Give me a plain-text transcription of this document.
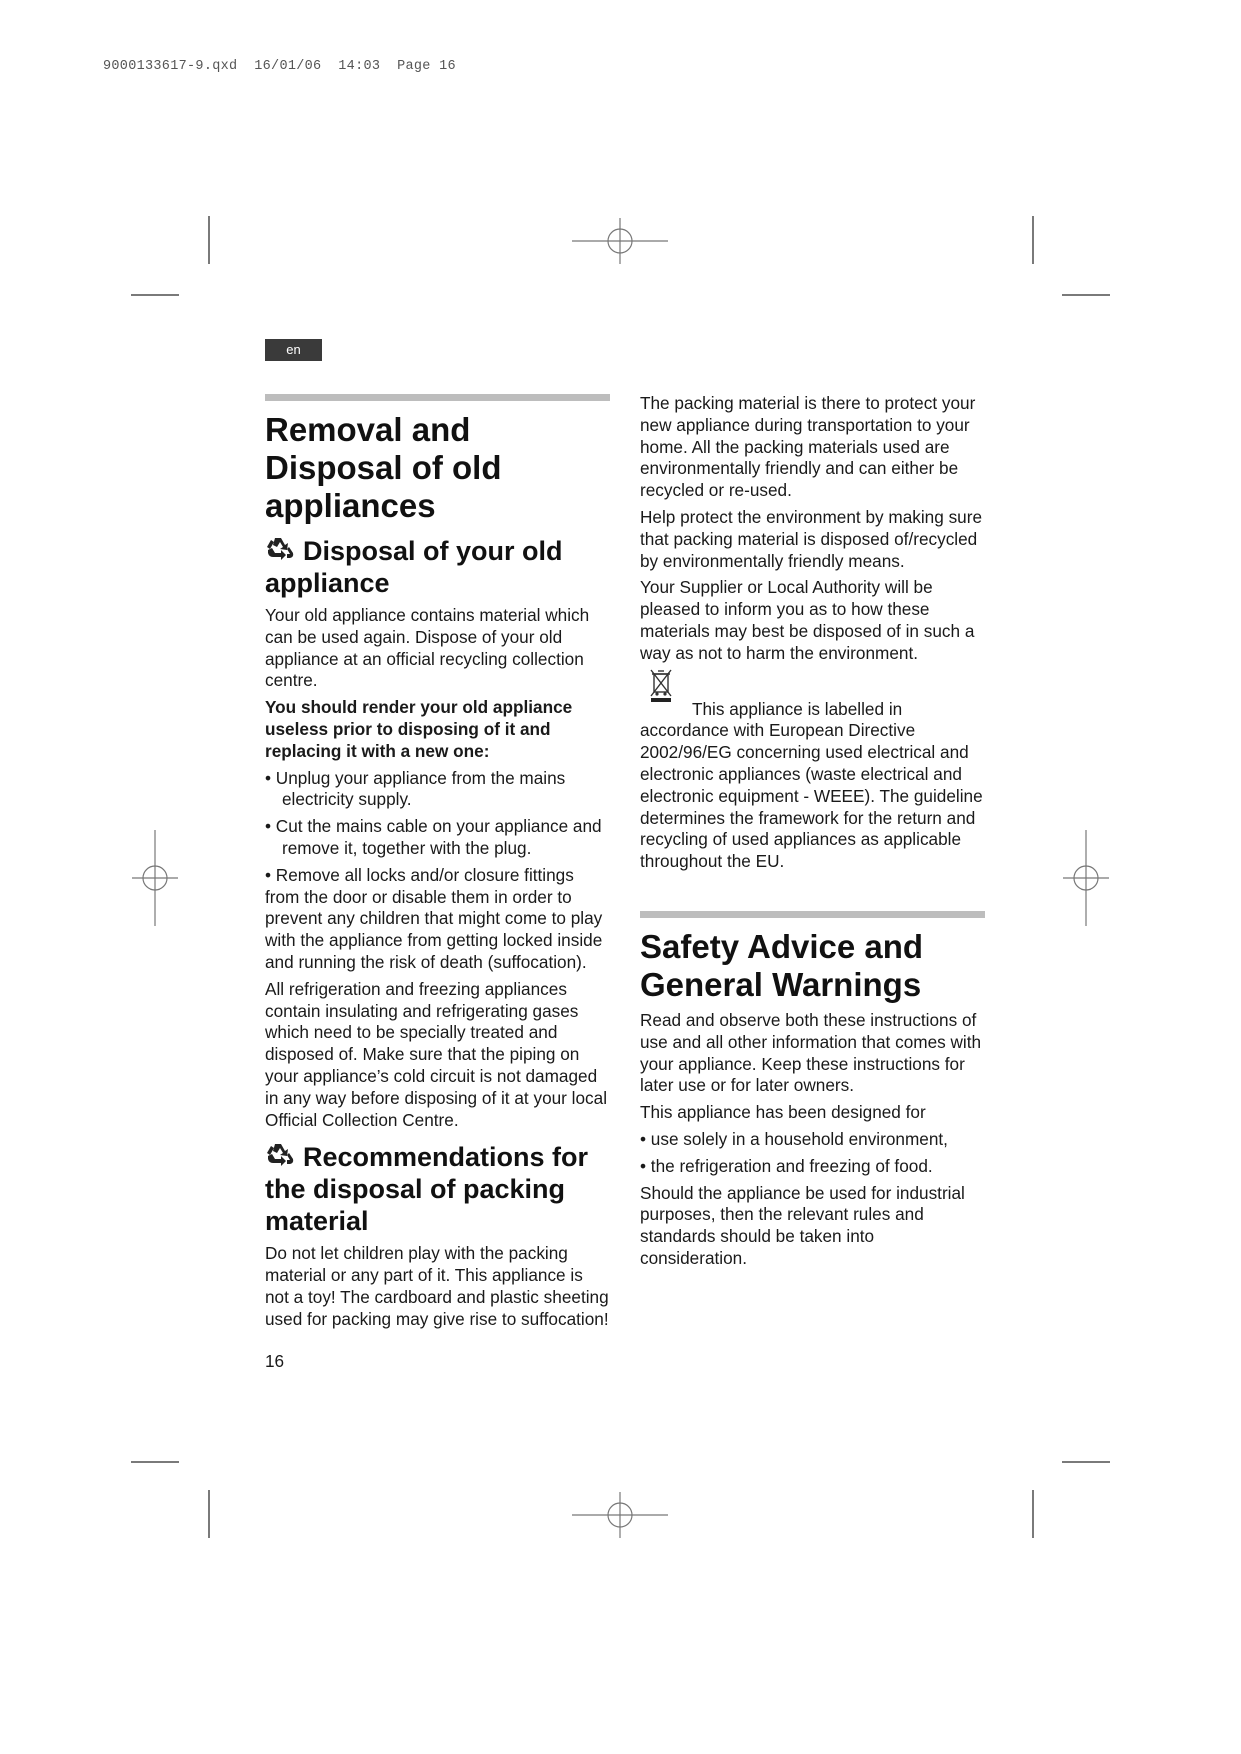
9000133617-9.qxd 16/01/06 14:03 Page 16
en
Removal and Disposal of old appliances
Disposal of your old appliance

Your old appliance contains material which can be used again. Dispose of your old appliance at an official recycling collection centre.

You should render your old appliance useless prior to disposing of it and replacing it with a new one:

• Unplug your appliance from the mains electricity supply.

• Cut the mains cable on your appliance and remove it, together with the plug.

• Remove all locks and/or closure fittings from the door or disable them in order to prevent any children that might come to play with the appliance from getting locked inside and running the risk of death (suffocation).

All refrigeration and freezing appliances contain insulating and refrigerating gases which need to be specially treated and disposed of. Make sure that the piping on your appliance’s cold circuit is not damaged in any way before disposing of it at your local Official Collection Centre.

Recommendations for the disposal of packing material

Do not let children play with the packing material or any part of it. This appliance is not a toy! The cardboard and plastic sheeting used for packing may give rise to suffocation!

16

The packing material is there to protect your new appliance during transportation to your home. All the packing materials used are environmentally friendly and can either be recycled or re-used.

Help protect the environment by making sure that packing material is disposed of/recycled by environmentally friendly means.

Your Supplier or Local Authority will be pleased to inform you as to how these materials may best be disposed of in such a way as not to harm the environment.

This appliance is labelled in accordance with European Directive 2002/96/EG concerning used electrical and electronic appliances (waste electrical and electronic equipment - WEEE). The guideline determines the framework for the return and recycling of used appliances as applicable throughout the EU.

Safety Advice and General Warnings

Read and observe both these instructions of use and all other information that comes with your appliance. Keep these instructions for later use or for later owners.

This appliance has been designed for

• use solely in a household environment,

• the refrigeration and freezing of food.

Should the appliance be used for industrial purposes, then the relevant rules and standards should be taken into consideration.
